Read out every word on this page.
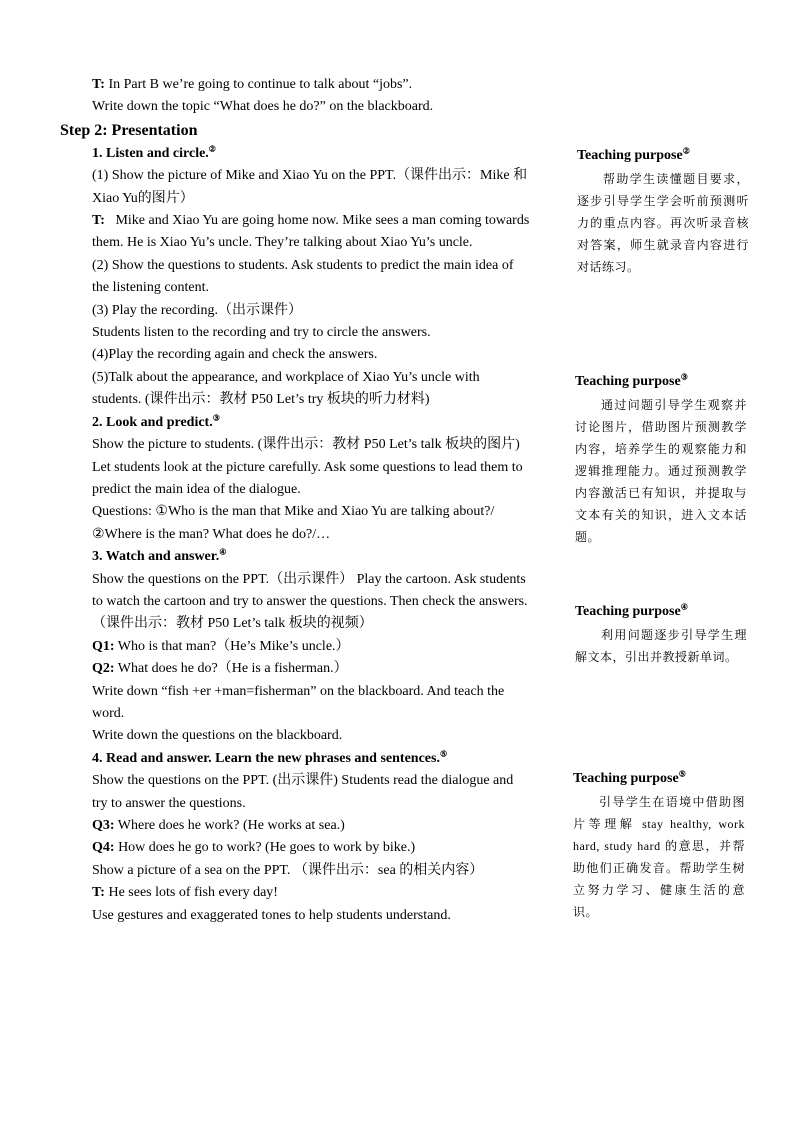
T: In Part B we’re going to continue to talk about “jobs”.

Write down the topic “What does he do?” on the blackboard.

Step 2: Presentation

1. Listen and circle.②

(1) Show the picture of Mike and Xiao Yu on the PPT.（课件出示：Mike 和 Xiao Yu的图片）

T:   Mike and Xiao Yu are going home now. Mike sees a man coming towards them. He is Xiao Yu’s uncle. They’re talking about Xiao Yu’s uncle.

(2) Show the questions to students. Ask students to predict the main idea of the listening content.

(3) Play the recording.（出示课件）

Students listen to the recording and try to circle the answers.

(4)Play the recording again and check the answers.

(5)Talk about the appearance, and workplace of Xiao Yu’s uncle with students. (课件出示：教材 P50 Let’s try 板块的听力材料)

2. Look and predict.③

Show the picture to students. (课件出示：教材 P50 Let’s talk 板块的图片) Let students look at the picture carefully. Ask some questions to lead them to predict the main idea of the dialogue.

Questions: ①Who is the man that Mike and Xiao Yu are talking about?/ ②Where is the man? What does he do?/…

3. Watch and answer.④

Show the questions on the PPT.（出示课件） Play the cartoon. Ask students to watch the cartoon and try to answer the questions. Then check the answers.（课件出示：教材 P50 Let’s talk 板块的视频）

Q1: Who is that man?（He’s Mike’s uncle.）

Q2: What does he do?（He is a fisherman.）

Write down “fish +er +man=fisherman” on the blackboard. And teach the word.

Write down the questions on the blackboard.

4. Read and answer. Learn the new phrases and sentences.⑤

Show the questions on the PPT. (出示课件) Students read the dialogue and try to answer the questions.

Q3: Where does he work? (He works at sea.)

Q4: How does he go to work? (He goes to work by bike.)

Show a picture of a sea on the PPT. （课件出示：sea 的相关内容）

T: He sees lots of fish every day!

Use gestures and exaggerated tones to help students understand.

Teaching purpose②

帮助学生读懂题目要求，逐步引导学生学会听前预测听力的重点内容。再次听录音核对答案，师生就录音内容进行对话练习。

Teaching purpose③

通过问题引导学生观察并讨论图片，借助图片预测教学内容，培养学生的观察能力和逻辑推理能力。通过预测教学内容激活已有知识，并提取与文本有关的知识，进入文本话题。

Teaching purpose④

利用问题逐步引导学生理解文本，引出并教授新单词。

Teaching purpose⑤

引导学生在语境中借助图片等理解 stay healthy, work hard, study hard 的意思，并帮助他们正确发音。帮助学生树立努力学习、健康生活的意识。
